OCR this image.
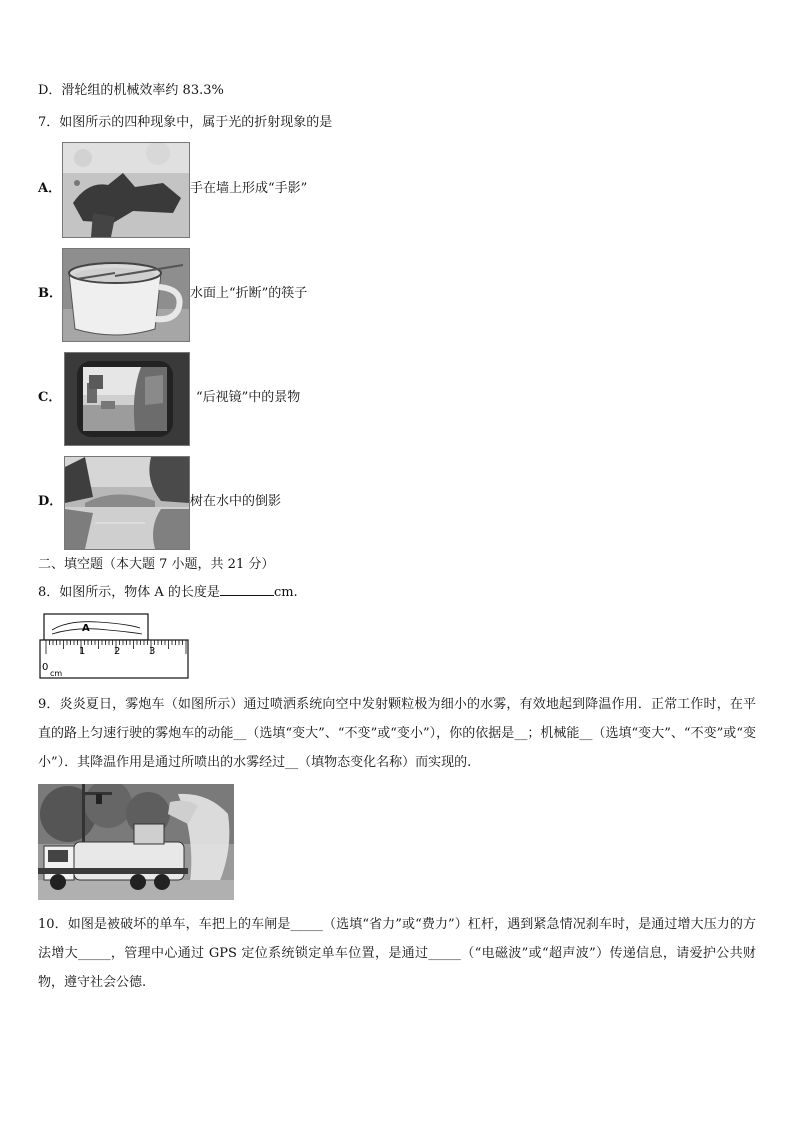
D．滑轮组的机械效率约 83.3%
7．如图所示的四种现象中，属于光的折射现象的是
A．	手在墙上形成“手影”
B．	水面上“折断”的筷子
C．	“后视镜”中的景物
D．	树在水中的倒影
二、填空题（本大题 7 小题，共 21 分）
8．如图所示，物体 A 的长度是	cm.
A
1	2	3
0
cm
9．炎炎夏日，雾炮车（如图所示）通过喷洒系统向空中发射颗粒极为细小的水雾，有效地起到降温作用．正常工作时，在平直的路上匀速行驶的雾炮车的动能__（选填“变大”、“不变”或“变小”），你的依据是__；机械能__（选填“变大”、“不变”或“变小”）．其降温作用是通过所喷出的水雾经过__（填物态变化名称）而实现的.
10．如图是被破坏的单车，车把上的车闸是_____（选填“省力”或“费力”）杠杆，遇到紧急情况刹车时，是通过增大压力的方法增大_____，管理中心通过 GPS 定位系统锁定单车位置，是通过_____（“电磁波”或“超声波”）传递信息，请爱护公共财物，遵守社会公德.
